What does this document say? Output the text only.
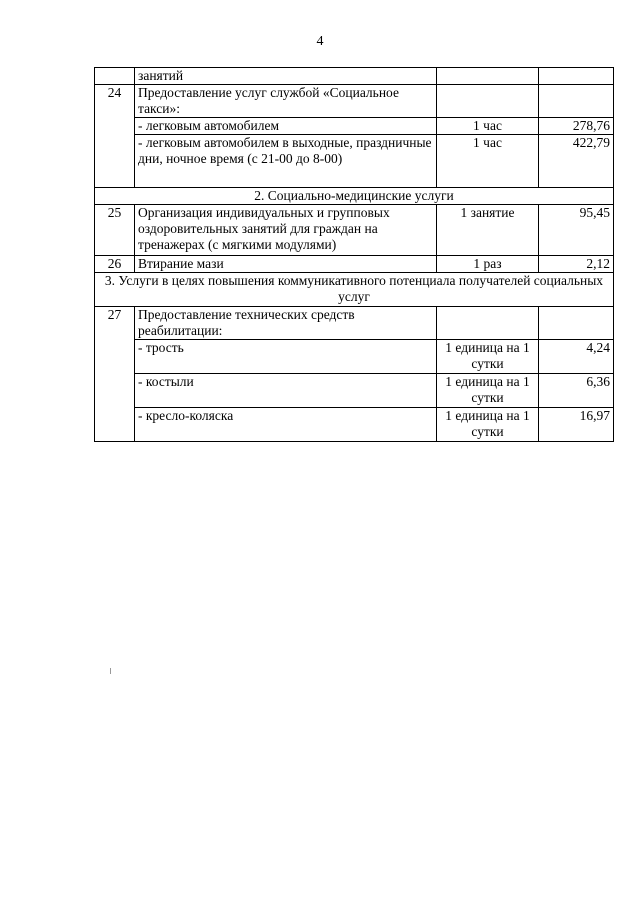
4
	занятий		
24	Предоставление услуг службой «Социальное такси»:		
	- легковым автомобилем	1 час	278,76
	- легковым автомобилем в выходные, праздничные дни, ночное время (с 21-00 до 8-00)	1 час	422,79
2. Социально-медицинские услуги			
25	Организация индивидуальных и групповых оздоровительных занятий для граждан на тренажерах (с мягкими модулями)	1 занятие	95,45
26	Втирание мази	1 раз	2,12
3. Услуги в целях повышения коммуникативного потенциала получателей социальных услуг			
27	Предоставление технических средств реабилитации:		
	- трость	1 единица на 1 сутки	4,24
	- костыли	1 единица на 1 сутки	6,36
	- кресло-коляска	1 единица на 1 сутки	16,97
